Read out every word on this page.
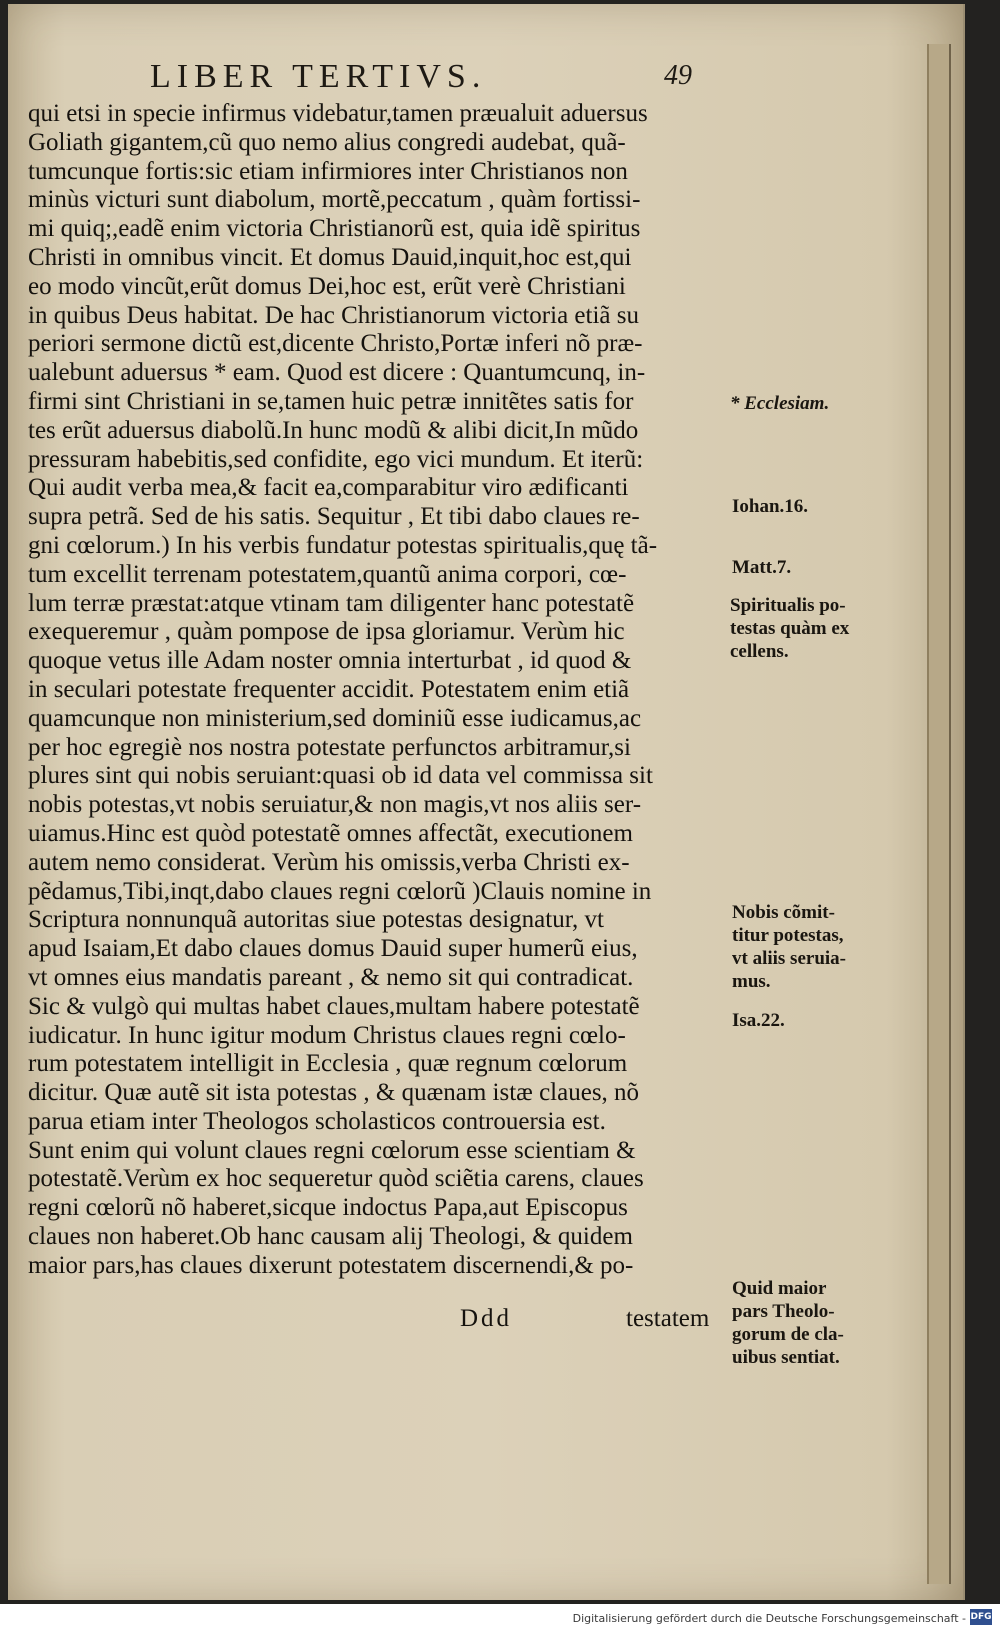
LIBER TERTIVS.	49
qui etsi in specie infirmus videbatur,tamen præualuit aduersus
Goliath gigantem,cũ quo nemo alius congredi audebat, quã-
tumcunque fortis:sic etiam infirmiores inter Christianos non
minùs victuri sunt diabolum, mortẽ,peccatum , quàm fortissi-
mi quiq;,eadẽ enim victoria Christianorũ est, quia idẽ spiritus
Christi in omnibus vincit. Et domus Dauid,inquit,hoc est,qui
eo modo vincũt,erũt domus Dei,hoc est, erũt verè Christiani
in quibus Deus habitat. De hac Christianorum victoria etiã su
periori sermone dictũ est,dicente Christo,Portæ inferi nõ præ-
ualebunt aduersus * eam. Quod est dicere : Quantumcunq, in-
firmi sint Christiani in se,tamen huic petræ innitẽtes satis for
tes erũt aduersus diabolũ.In hunc modũ & alibi dicit,In mũdo
pressuram habebitis,sed confidite, ego vici mundum. Et iterũ:
Qui audit verba mea,& facit ea,comparabitur viro ædificanti
supra petrã. Sed de his satis. Sequitur , Et tibi dabo claues re-
gni cœlorum.) In his verbis fundatur potestas spiritualis,quę tã-
tum excellit terrenam potestatem,quantũ anima corpori, cœ-
lum terræ præstat:atque vtinam tam diligenter hanc potestatẽ
exequeremur , quàm pompose de ipsa gloriamur. Verùm hic
quoque vetus ille Adam noster omnia interturbat , id quod &
in seculari potestate frequenter accidit. Potestatem enim etiã
quamcunque non ministerium,sed dominiũ esse iudicamus,ac
per hoc egregiè nos nostra potestate perfunctos arbitramur,si
plures sint qui nobis seruiant:quasi ob id data vel commissa sit
nobis potestas,vt nobis seruiatur,& non magis,vt nos aliis ser-
uiamus.Hinc est quòd potestatẽ omnes affectãt, executionem
autem nemo considerat. Verùm his omissis,verba Christi ex-
pẽdamus,Tibi,inqt,dabo claues regni cœlorũ )Clauis nomine in
Scriptura nonnunquã autoritas siue potestas designatur, vt
apud Isaiam,Et dabo claues domus Dauid super humerũ eius,
vt omnes eius mandatis pareant , & nemo sit qui contradicat.
Sic & vulgò qui multas habet claues,multam habere potestatẽ
iudicatur. In hunc igitur modum Christus claues regni cœlo-
rum potestatem intelligit in Ecclesia , quæ regnum cœlorum
dicitur. Quæ autẽ sit ista potestas , & quænam istæ claues, nõ
parua etiam inter Theologos scholasticos controuersia est.
Sunt enim qui volunt claues regni cœlorum esse scientiam &
potestatẽ.Verùm ex hoc sequeretur quòd sciẽtia carens, claues
regni cœlorũ nõ haberet,sicque indoctus Papa,aut Episcopus
claues non haberet.Ob hanc causam alij Theologi, & quidem
maior pars,has claues dixerunt potestatem discernendi,& po-
Ddd	testatem
* Ecclesiam.
Iohan.16.
Matt.7.
Spiritualis po-
testas quàm ex
cellens.
Nobis cõmit-
titur potestas,
vt aliis seruia-
mus.
Isa.22.
Quid maior
pars Theolo-
gorum de cla-
uibus sentiat.
Digitalisierung gefördert durch die Deutsche Forschungsgemeinschaft - DFG
